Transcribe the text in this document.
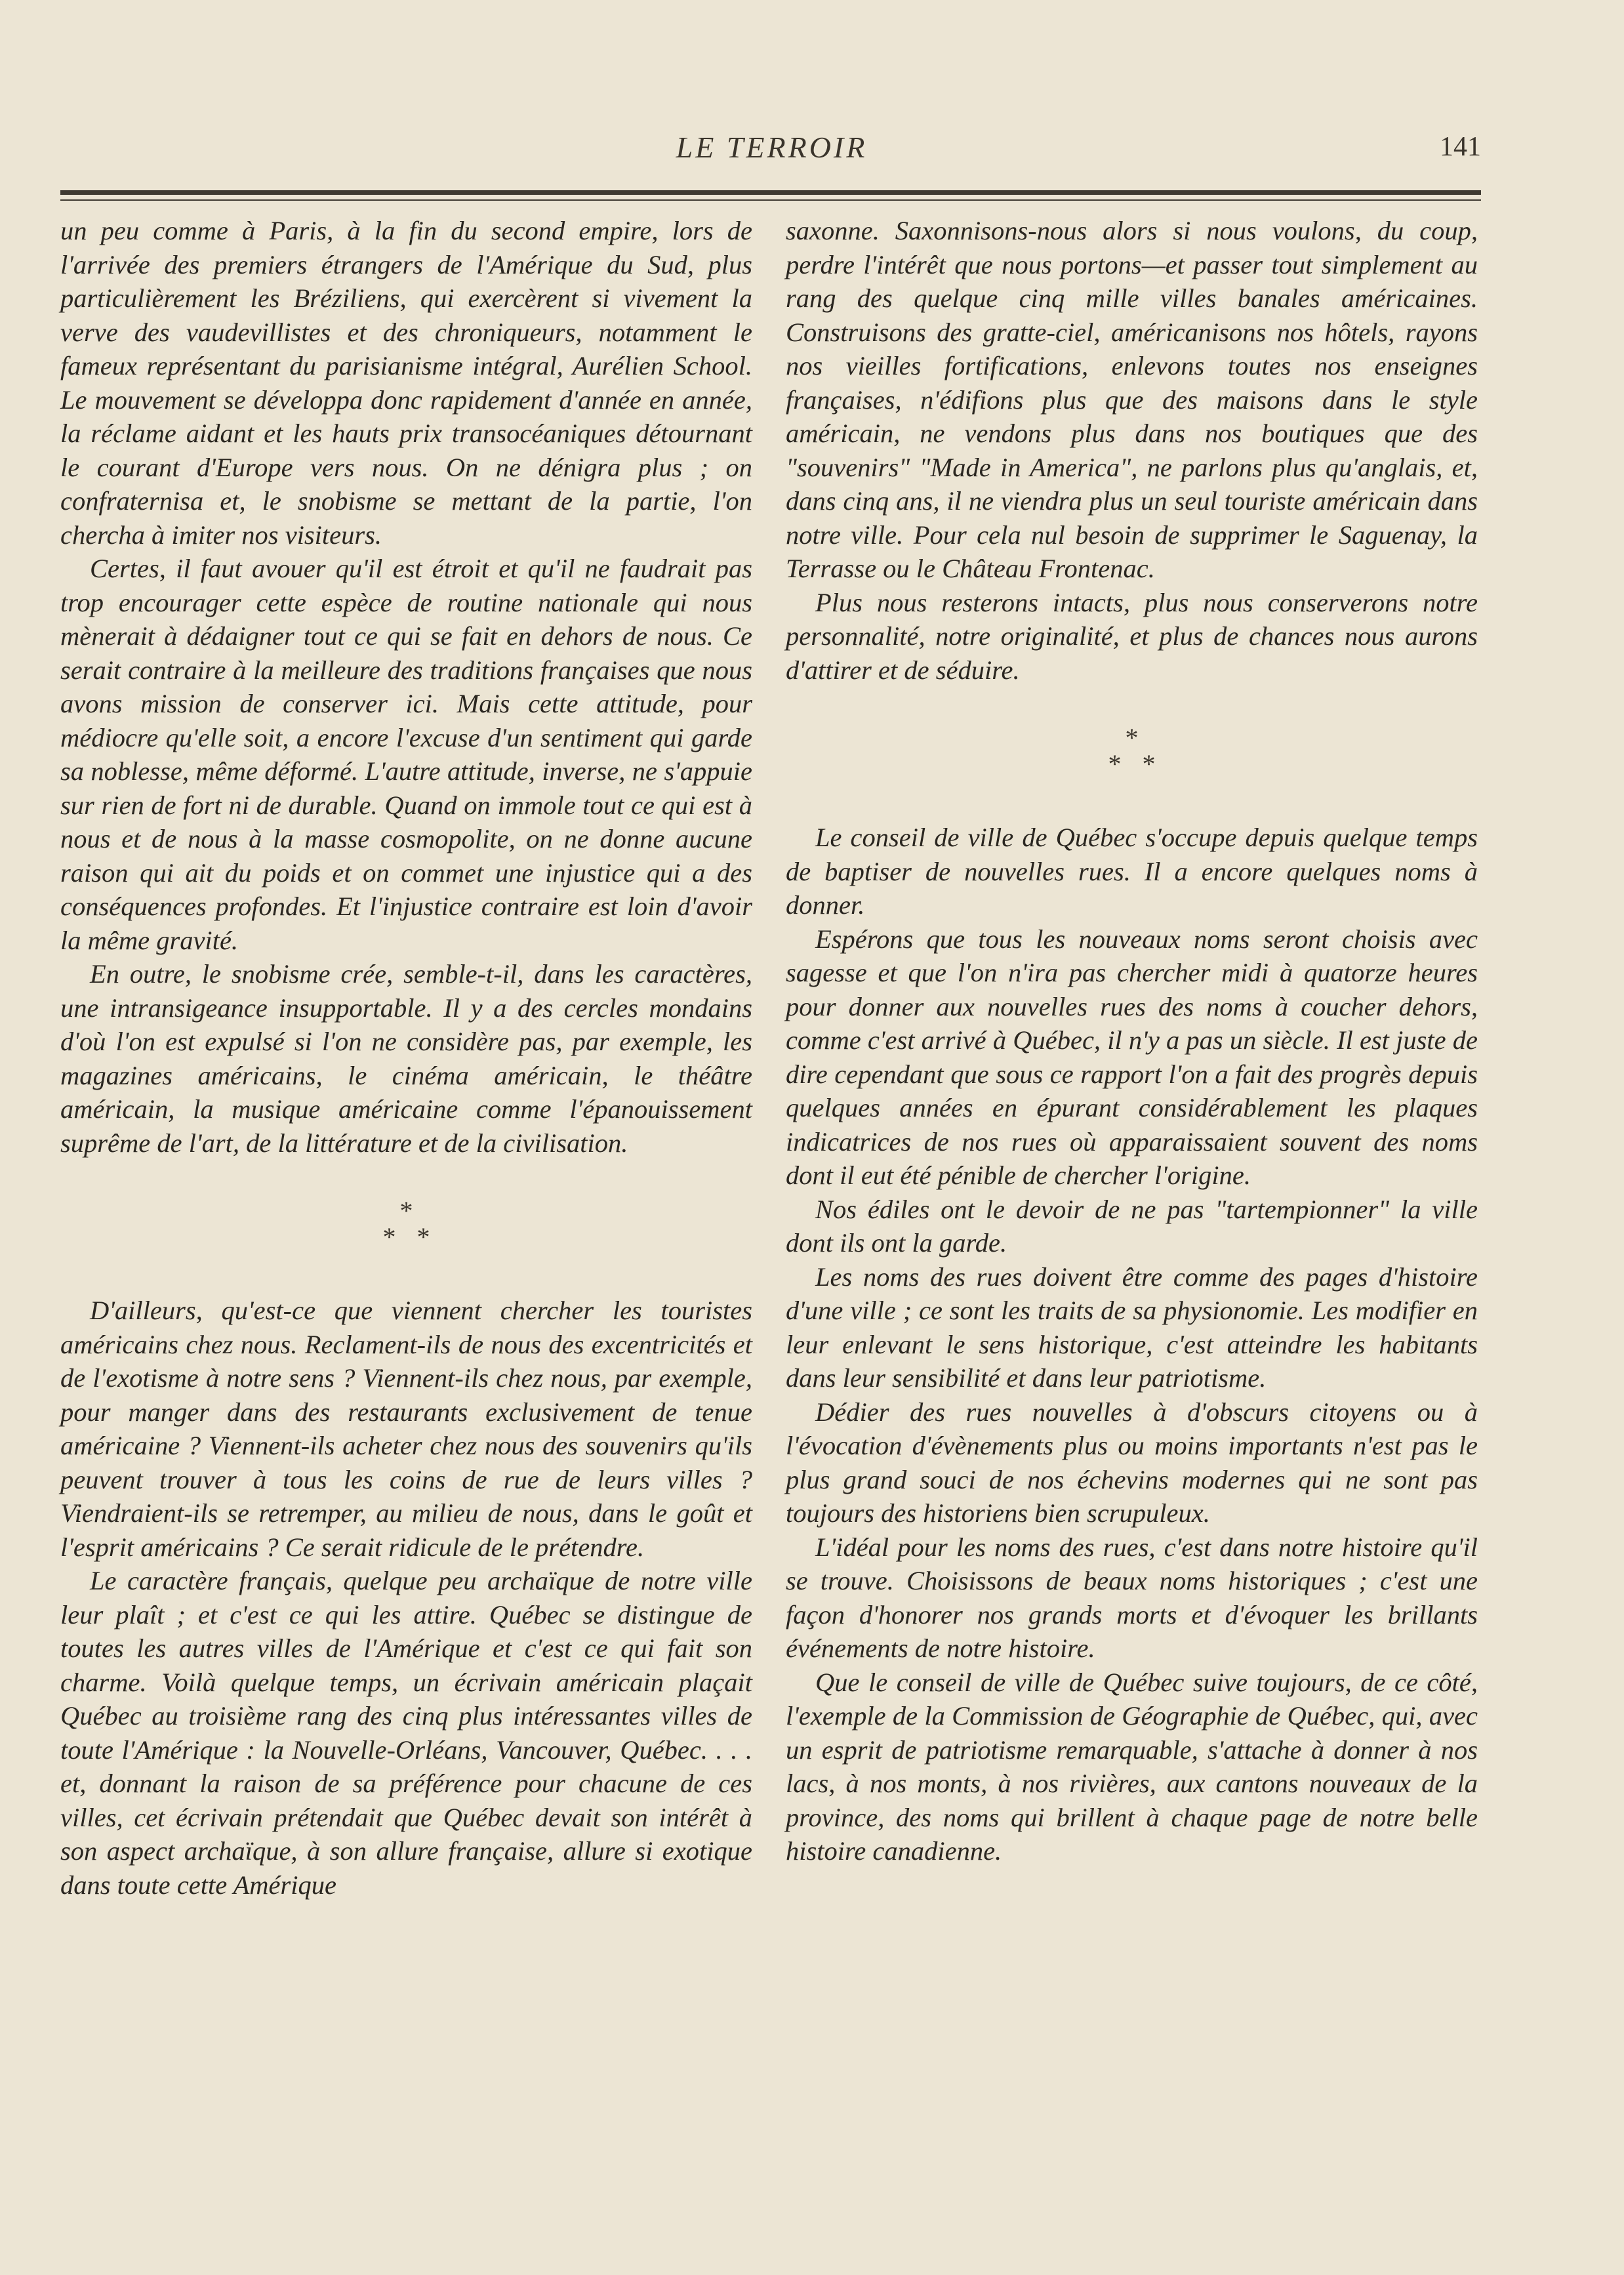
LE TERROIR	141

un peu comme à Paris, à la fin du second empire, lors de l'arrivée des premiers étrangers de l'Amérique du Sud, plus particulièrement les Bréziliens, qui exercèrent si vivement la verve des vaudevillistes et des chroniqueurs, notamment le fameux représentant du parisianisme intégral, Aurélien School. Le mouvement se développa donc rapidement d'année en année, la réclame aidant et les hauts prix transocéaniques détournant le courant d'Europe vers nous. On ne dénigra plus ; on confraternisa et, le snobisme se mettant de la partie, l'on chercha à imiter nos visiteurs.

Certes, il faut avouer qu'il est étroit et qu'il ne faudrait pas trop encourager cette espèce de routine nationale qui nous mènerait à dédaigner tout ce qui se fait en dehors de nous. Ce serait contraire à la meilleure des traditions françaises que nous avons mission de conserver ici. Mais cette attitude, pour médiocre qu'elle soit, a encore l'excuse d'un sentiment qui garde sa noblesse, même déformé. L'autre attitude, inverse, ne s'appuie sur rien de fort ni de durable. Quand on immole tout ce qui est à nous et de nous à la masse cosmopolite, on ne donne aucune raison qui ait du poids et on commet une injustice qui a des conséquences profondes. Et l'injustice contraire est loin d'avoir la même gravité.

En outre, le snobisme crée, semble-t-il, dans les caractères, une intransigeance insupportable. Il y a des cercles mondains d'où l'on est expulsé si l'on ne considère pas, par exemple, les magazines américains, le cinéma américain, le théâtre américain, la musique américaine comme l'épanouissement suprême de l'art, de la littérature et de la civilisation.

*
* *

D'ailleurs, qu'est-ce que viennent chercher les touristes américains chez nous. Reclament-ils de nous des excentricités et de l'exotisme à notre sens ? Viennent-ils chez nous, par exemple, pour manger dans des restaurants exclusivement de tenue américaine ? Viennent-ils acheter chez nous des souvenirs qu'ils peuvent trouver à tous les coins de rue de leurs villes ? Viendraient-ils se retremper, au milieu de nous, dans le goût et l'esprit américains ? Ce serait ridicule de le prétendre.

Le caractère français, quelque peu archaïque de notre ville leur plaît ; et c'est ce qui les attire. Québec se distingue de toutes les autres villes de l'Amérique et c'est ce qui fait son charme. Voilà quelque temps, un écrivain américain plaçait Québec au troisième rang des cinq plus intéressantes villes de toute l'Amérique : la Nouvelle-Orléans, Vancouver, Québec. . . . et, donnant la raison de sa préférence pour chacune de ces villes, cet écrivain prétendait que Québec devait son intérêt à son aspect archaïque, à son allure française, allure si exotique dans toute cette Amérique

saxonne. Saxonnisons-nous alors si nous voulons, du coup, perdre l'intérêt que nous portons—et passer tout simplement au rang des quelque cinq mille villes banales américaines. Construisons des gratte-ciel, américanisons nos hôtels, rayons nos vieilles fortifications, enlevons toutes nos enseignes françaises, n'édifions plus que des maisons dans le style américain, ne vendons plus dans nos boutiques que des "souvenirs" "Made in America", ne parlons plus qu'anglais, et, dans cinq ans, il ne viendra plus un seul touriste américain dans notre ville. Pour cela nul besoin de supprimer le Saguenay, la Terrasse ou le Château Frontenac.

Plus nous resterons intacts, plus nous conserverons notre personnalité, notre originalité, et plus de chances nous aurons d'attirer et de séduire.

*
* *

Le conseil de ville de Québec s'occupe depuis quelque temps de baptiser de nouvelles rues. Il a encore quelques noms à donner.

Espérons que tous les nouveaux noms seront choisis avec sagesse et que l'on n'ira pas chercher midi à quatorze heures pour donner aux nouvelles rues des noms à coucher dehors, comme c'est arrivé à Québec, il n'y a pas un siècle. Il est juste de dire cependant que sous ce rapport l'on a fait des progrès depuis quelques années en épurant considérablement les plaques indicatrices de nos rues où apparaissaient souvent des noms dont il eut été pénible de chercher l'origine.

Nos édiles ont le devoir de ne pas "tartempionner" la ville dont ils ont la garde.

Les noms des rues doivent être comme des pages d'histoire d'une ville ; ce sont les traits de sa physionomie. Les modifier en leur enlevant le sens historique, c'est atteindre les habitants dans leur sensibilité et dans leur patriotisme.

Dédier des rues nouvelles à d'obscurs citoyens ou à l'évocation d'évènements plus ou moins importants n'est pas le plus grand souci de nos échevins modernes qui ne sont pas toujours des historiens bien scrupuleux.

L'idéal pour les noms des rues, c'est dans notre histoire qu'il se trouve. Choisissons de beaux noms historiques ; c'est une façon d'honorer nos grands morts et d'évoquer les brillants événements de notre histoire.

Que le conseil de ville de Québec suive toujours, de ce côté, l'exemple de la Commission de Géographie de Québec, qui, avec un esprit de patriotisme remarquable, s'attache à donner à nos lacs, à nos monts, à nos rivières, aux cantons nouveaux de la province, des noms qui brillent à chaque page de notre belle histoire canadienne.
